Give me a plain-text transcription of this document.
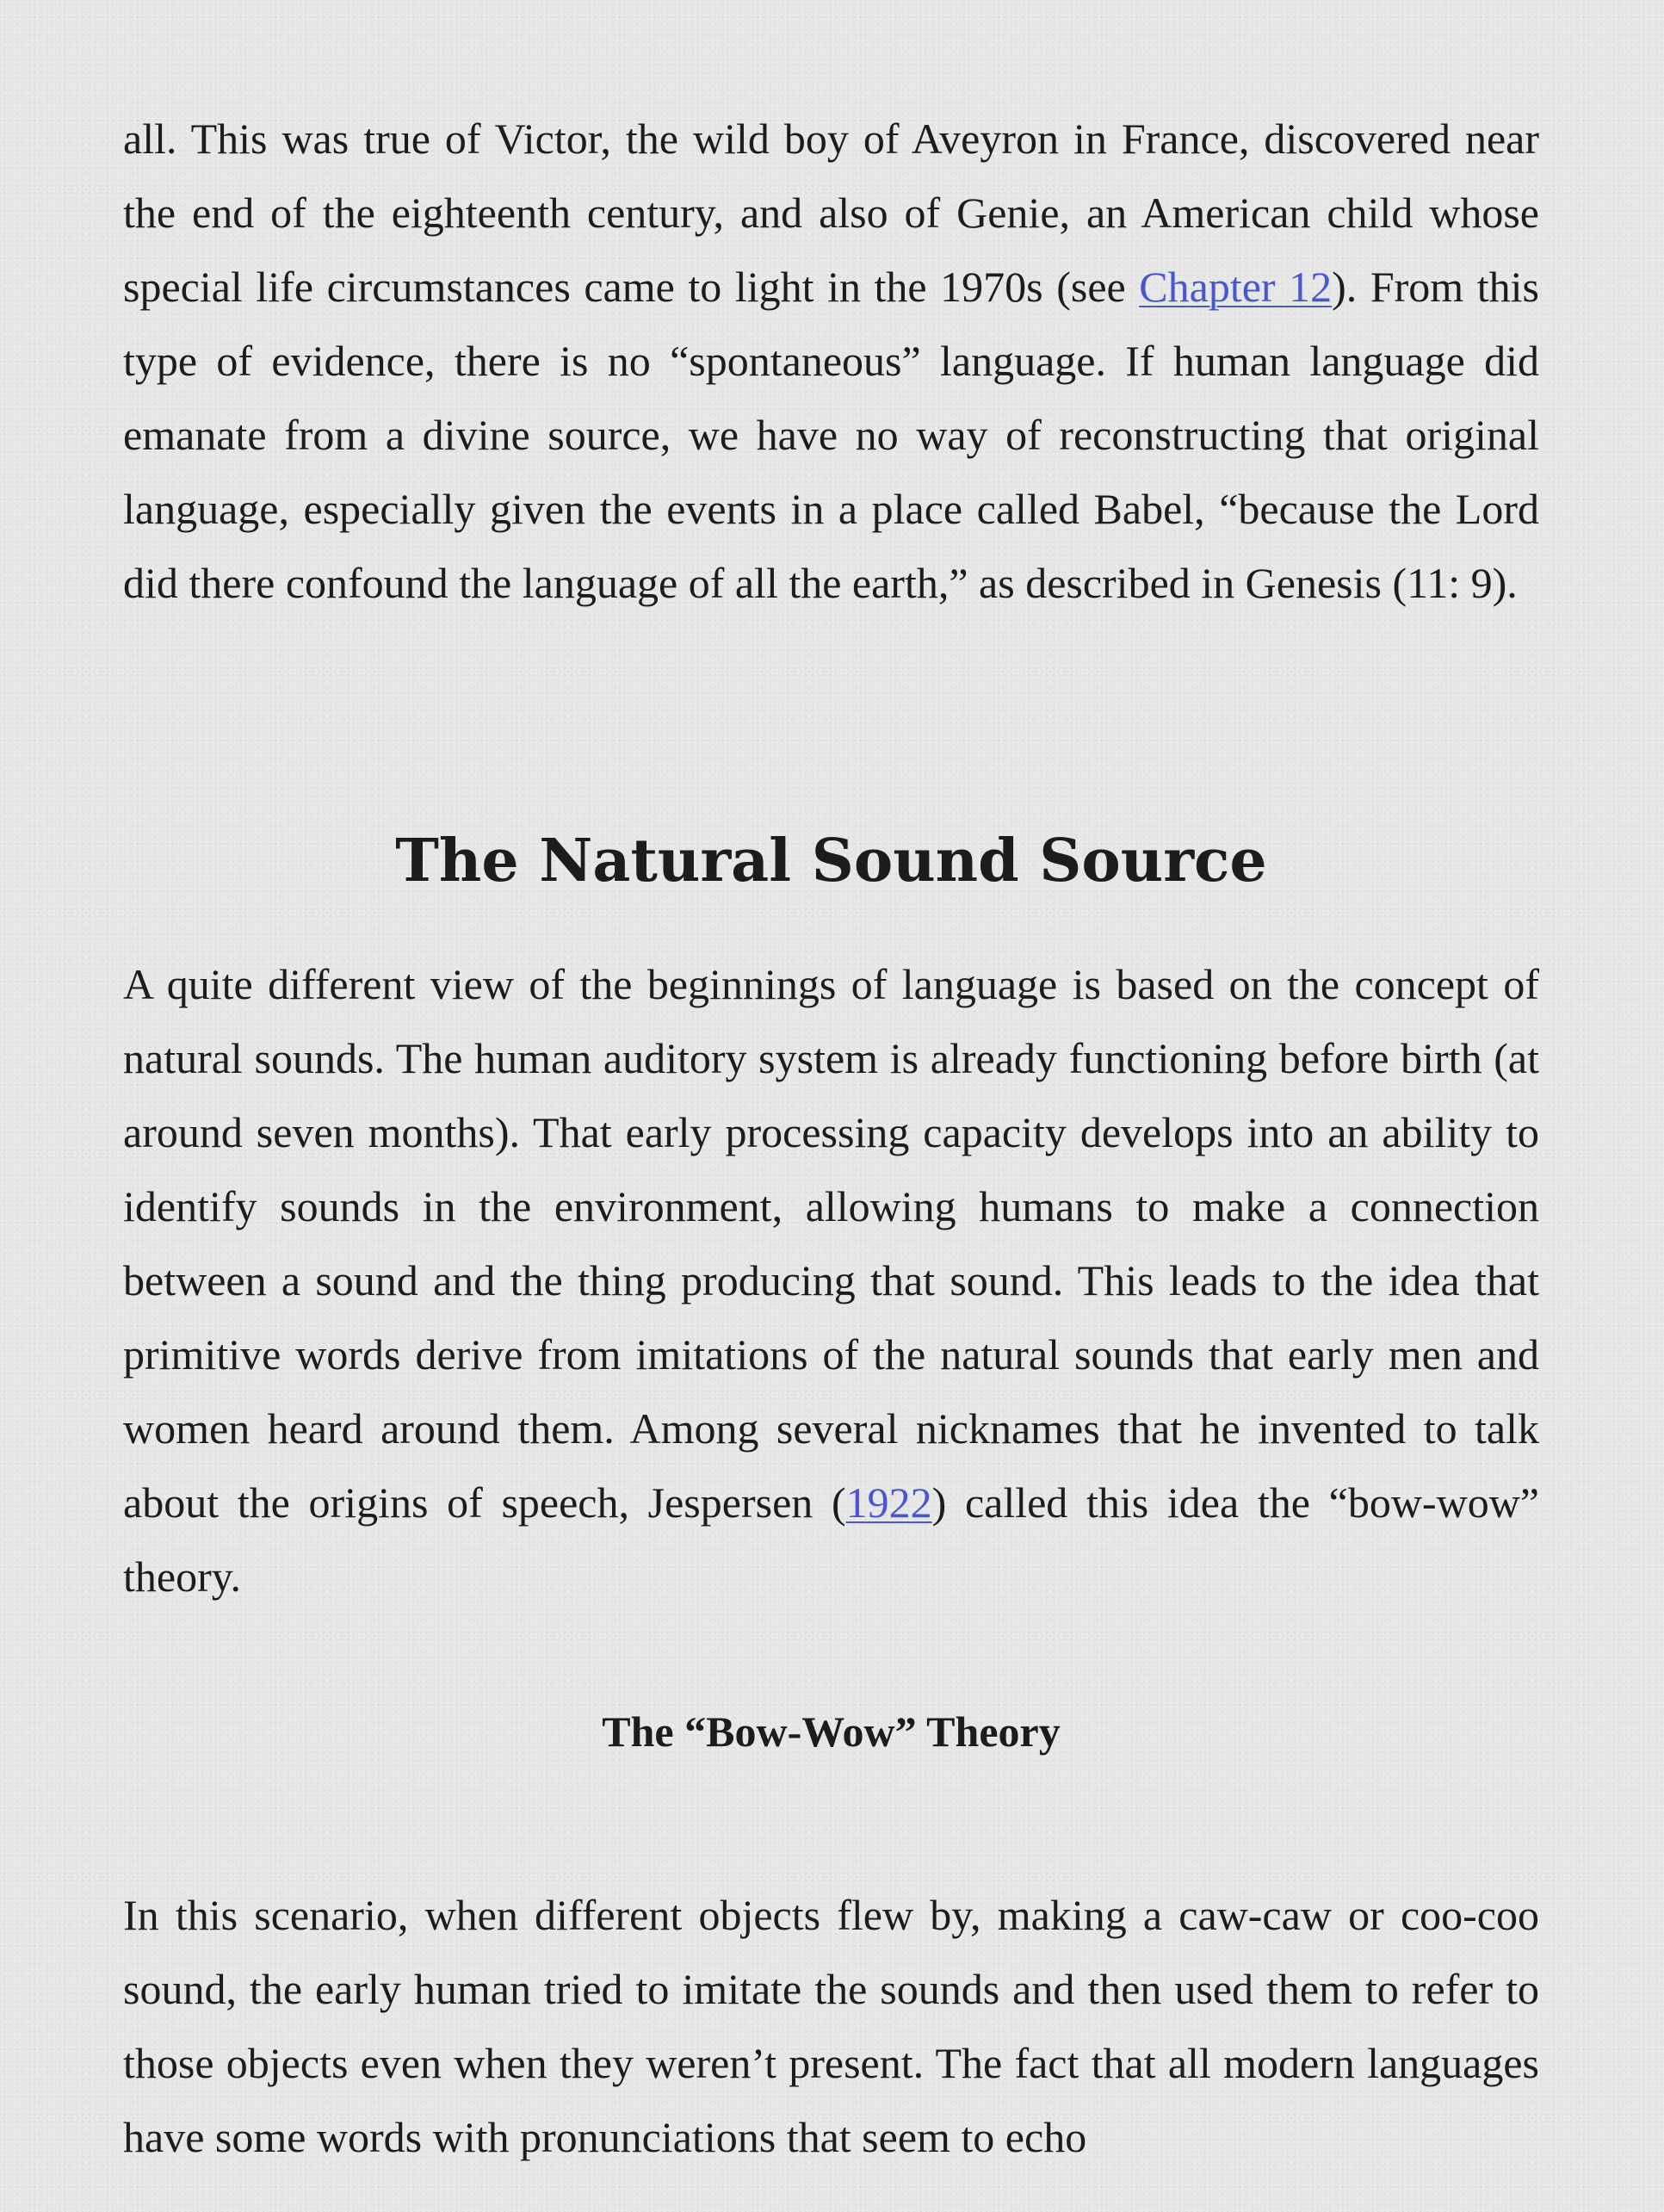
all. This was true of Victor, the wild boy of Aveyron in France, discovered near the end of the eighteenth century, and also of Genie, an American child whose special life circumstances came to light in the 1970s (see Chapter 12). From this type of evidence, there is no “spontaneous” language. If human language did emanate from a divine source, we have no way of reconstructing that original language, especially given the events in a place called Babel, “because the Lord did there confound the language of all the earth,” as described in Genesis (11: 9).

The Natural Sound Source

A quite different view of the beginnings of language is based on the concept of natural sounds. The human auditory system is already functioning before birth (at around seven months). That early processing capacity develops into an ability to identify sounds in the environment, allowing humans to make a connection between a sound and the thing producing that sound. This leads to the idea that primitive words derive from imitations of the natural sounds that early men and women heard around them. Among several nicknames that he invented to talk about the origins of speech, Jespersen (1922) called this idea the “bow-wow” theory.

The “Bow-Wow” Theory

In this scenario, when different objects flew by, making a caw-caw or coo-coo sound, the early human tried to imitate the sounds and then used them to refer to those objects even when they weren’t present. The fact that all modern languages have some words with pronunciations that seem to echo
